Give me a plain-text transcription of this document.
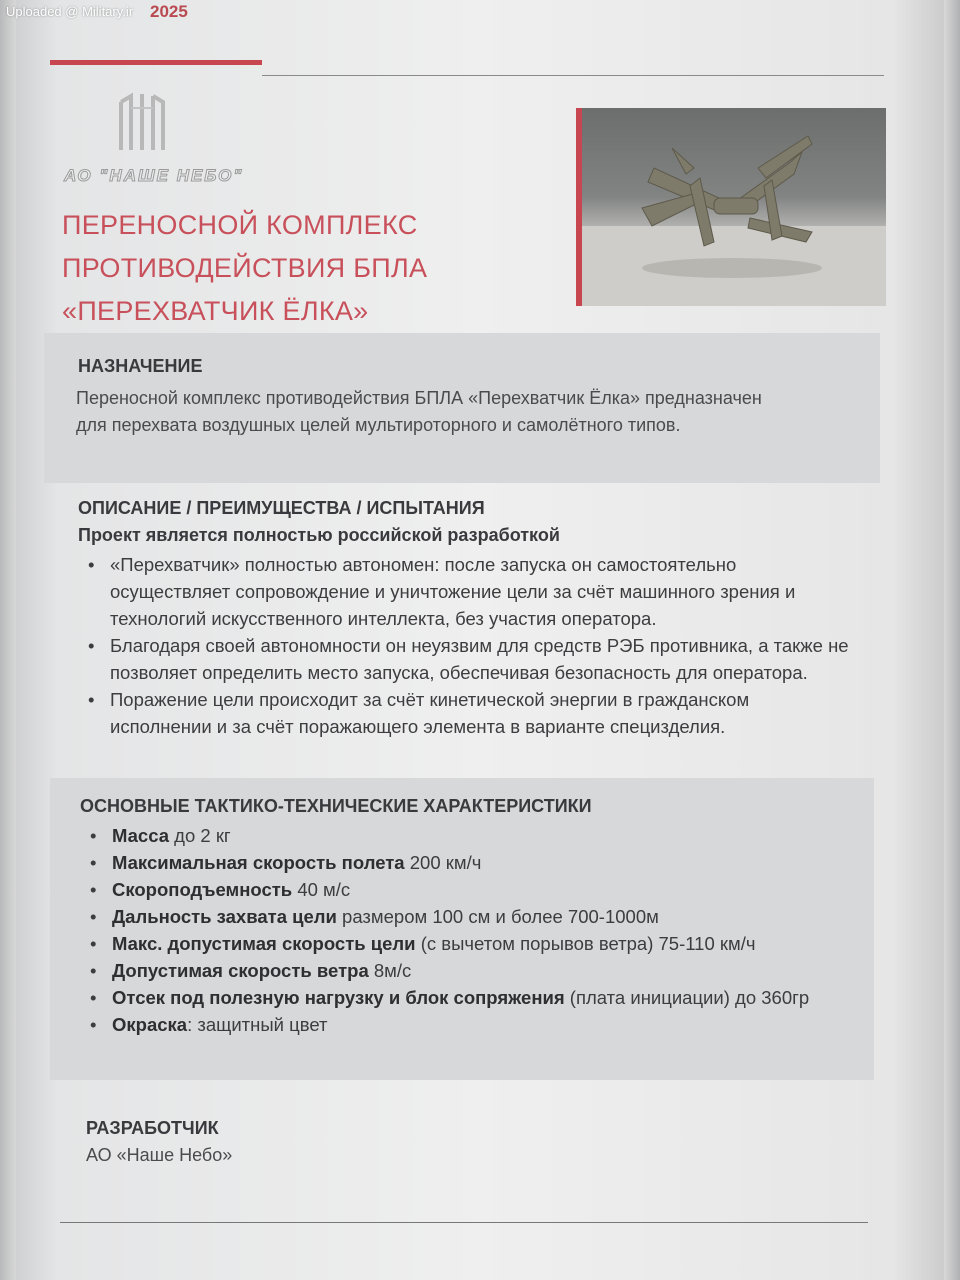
Uploaded @ Military.ir 2025
АО "НАШЕ НЕБО"
ПЕРЕНОСНОЙ КОМПЛЕКС
ПРОТИВОДЕЙСТВИЯ БПЛА
«ПЕРЕХВАТЧИК ЁЛКА»
НАЗНАЧЕНИЕ
Переносной комплекс противодействия БПЛА «Перехватчик Ёлка» предназначен для перехвата воздушных целей мультироторного и самолётного типов.
ОПИСАНИЕ / ПРЕИМУЩЕСТВА / ИСПЫТАНИЯ
Проект является полностью российской разработкой
• «Перехватчик» полностью автономен: после запуска он самостоятельно осуществляет сопровождение и уничтожение цели за счёт машинного зрения и технологий искусственного интеллекта, без участия оператора.
• Благодаря своей автономности он неуязвим для средств РЭБ противника, а также не позволяет определить место запуска, обеспечивая безопасность для оператора.
• Поражение цели происходит за счёт кинетической энергии в гражданском исполнении и за счёт поражающего элемента в варианте специзделия.
ОСНОВНЫЕ ТАКТИКО-ТЕХНИЧЕСКИЕ ХАРАКТЕРИСТИКИ
• Масса до 2 кг
• Максимальная скорость полета 200 км/ч
• Скороподъемность 40 м/с
• Дальность захвата цели размером 100 см и более 700-1000м
• Макс. допустимая скорость цели (с вычетом порывов ветра) 75-110 км/ч
• Допустимая скорость ветра 8м/с
• Отсек под полезную нагрузку и блок сопряжения (плата инициации) до 360гр
• Окраска: защитный цвет
РАЗРАБОТЧИК
АО «Наше Небо»
